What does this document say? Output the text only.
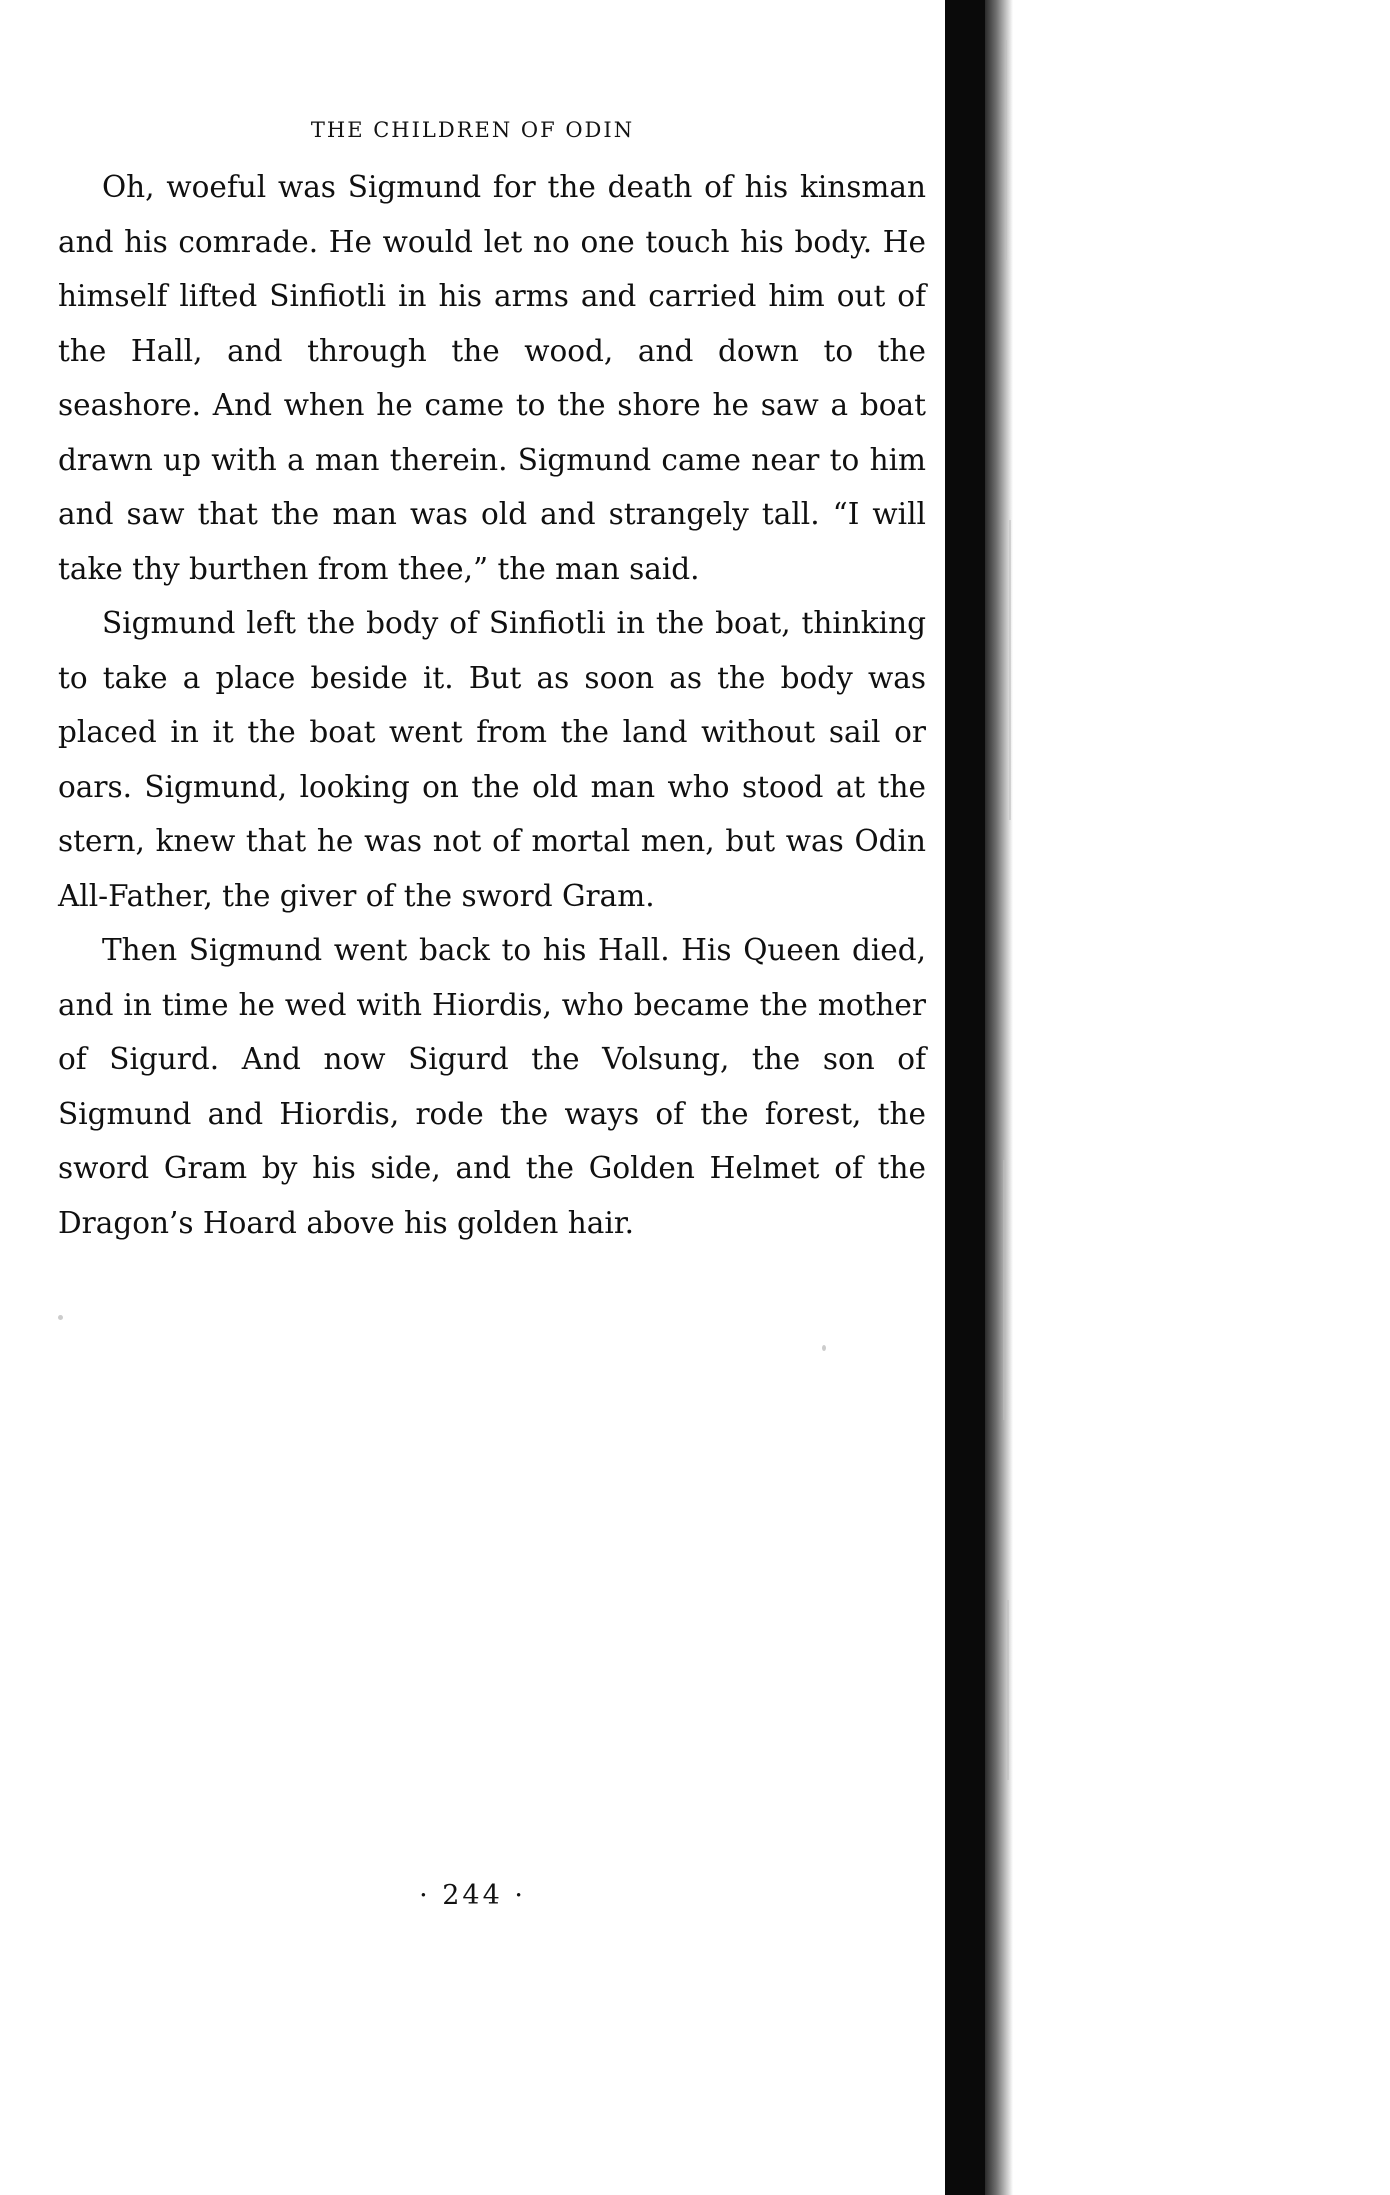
THE CHILDREN OF ODIN

Oh, woeful was Sigmund for the death of his kinsman and his comrade. He would let no one touch his body. He himself lifted Sinfiotli in his arms and carried him out of the Hall, and through the wood, and down to the seashore. And when he came to the shore he saw a boat drawn up with a man therein. Sigmund came near to him and saw that the man was old and strangely tall. “I will take thy burthen from thee,” the man said.

Sigmund left the body of Sinfiotli in the boat, thinking to take a place beside it. But as soon as the body was placed in it the boat went from the land without sail or oars. Sigmund, looking on the old man who stood at the stern, knew that he was not of mortal men, but was Odin All-Father, the giver of the sword Gram.

Then Sigmund went back to his Hall. His Queen died, and in time he wed with Hiordis, who became the mother of Sigurd. And now Sigurd the Volsung, the son of Sigmund and Hiordis, rode the ways of the forest, the sword Gram by his side, and the Golden Helmet of the Dragon’s Hoard above his golden hair.

· 244 ·
